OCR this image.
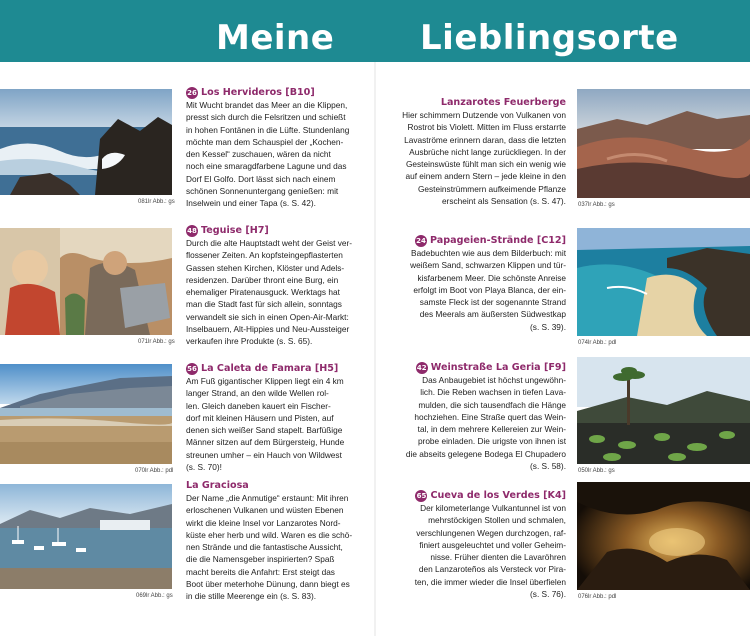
Meine	Lieblingsorte
081lr Abb.: gs
26 Los Hervideros [B10]
Mit Wucht brandet das Meer an die Klippen,
presst sich durch die Felsritzen und schießt
in hohen Fontänen in die Lüfte. Stundenlang
möchte man dem Schauspiel der „Kochen-
den Kessel“ zuschauen, wären da nicht
noch eine smaragdfarbene Lagune und das
Dorf El Golfo. Dort lässt sich nach einem
schönen Sonnenuntergang genießen: mit
Inselwein und einer Tapa (s. S. 42).
071lr Abb.: gs
48 Teguise [H7]
Durch die alte Hauptstadt weht der Geist ver-
flossener Zeiten. An kopfsteingepflasterten
Gassen stehen Kirchen, Klöster und Adels-
residenzen. Darüber thront eine Burg, ein
ehemaliger Piratenausguck. Werktags hat
man die Stadt fast für sich allein, sonntags
verwandelt sie sich in einen Open-Air-Markt:
Inselbauern, Alt-Hippies und Neu-Aussteiger
verkaufen ihre Produkte (s. S. 65).
070lr Abb.: pdl
56 La Caleta de Famara [H5]
Am Fuß gigantischer Klippen liegt ein 4 km
langer Strand, an den wilde Wellen rol-
len. Gleich daneben kauert ein Fischer-
dorf mit kleinen Häusern und Pisten, auf
denen sich weißer Sand stapelt. Barfüßige
Männer sitzen auf dem Bürgersteig, Hunde
streunen umher – ein Hauch von Wildwest
(s. S. 70)!
069lr Abb.: gs
La Graciosa
Der Name „die Anmutige“ erstaunt: Mit ihren
erloschenen Vulkanen und wüsten Ebenen
wirkt die kleine Insel vor Lanzarotes Nord-
küste eher herb und wild. Waren es die schö-
nen Strände und die fantastische Aussicht,
die die Namensgeber inspirierten? Spaß
macht bereits die Anfahrt: Erst steigt das
Boot über meterhohe Dünung, dann biegt es
in die stille Meerenge ein (s. S. 83).
Lanzarotes Feuerberge
Hier schimmern Dutzende von Vulkanen von
Rostrot bis Violett. Mitten im Fluss erstarrte
Lavaströme erinnern daran, dass die letzten
Ausbrüche nicht lange zurückliegen. In der
Gesteinswüste fühlt man sich ein wenig wie
auf einem andern Stern – jede kleine in den
Gesteinstrümmern aufkeimende Pflanze
erscheint als Sensation (s. S. 47). 037lr Abb.: gs
24 Papageien-Strände [C12]
Badebuchten wie aus dem Bilderbuch: mit
weißem Sand, schwarzen Klippen und tür-
kisfarbenem Meer. Die schönste Anreise
erfolgt im Boot von Playa Blanca, der ein-
samste Fleck ist der sogenannte Strand
des Meerals am äußersten Südwestkap
(s. S. 39).
074lr Abb.: pdl
42 Weinstraße La Geria [F9]
Das Anbaugebiet ist höchst ungewöhn-
lich. Die Reben wachsen in tiefen Lava-
mulden, die sich tausendfach die Hänge
hochziehen. Eine Straße quert das Wein-
tal, in dem mehrere Kellereien zur Wein-
probe einladen. Die urigste von ihnen ist
die abseits gelegene Bodega El Chupadero
(s. S. 58). 050lr Abb.: gs
65 Cueva de los Verdes [K4]
Der kilometerlange Vulkantunnel ist von
mehrstöckigen Stollen und schmalen,
verschlungenen Wegen durchzogen, raf-
finiert ausgeleuchtet und voller Geheim-
nisse. Früher dienten die Lavaröhren
den Lanzaroteños als Versteck vor Pira-
ten, die immer wieder die Insel überfielen
(s. S. 76). 076lr Abb.: pdl
